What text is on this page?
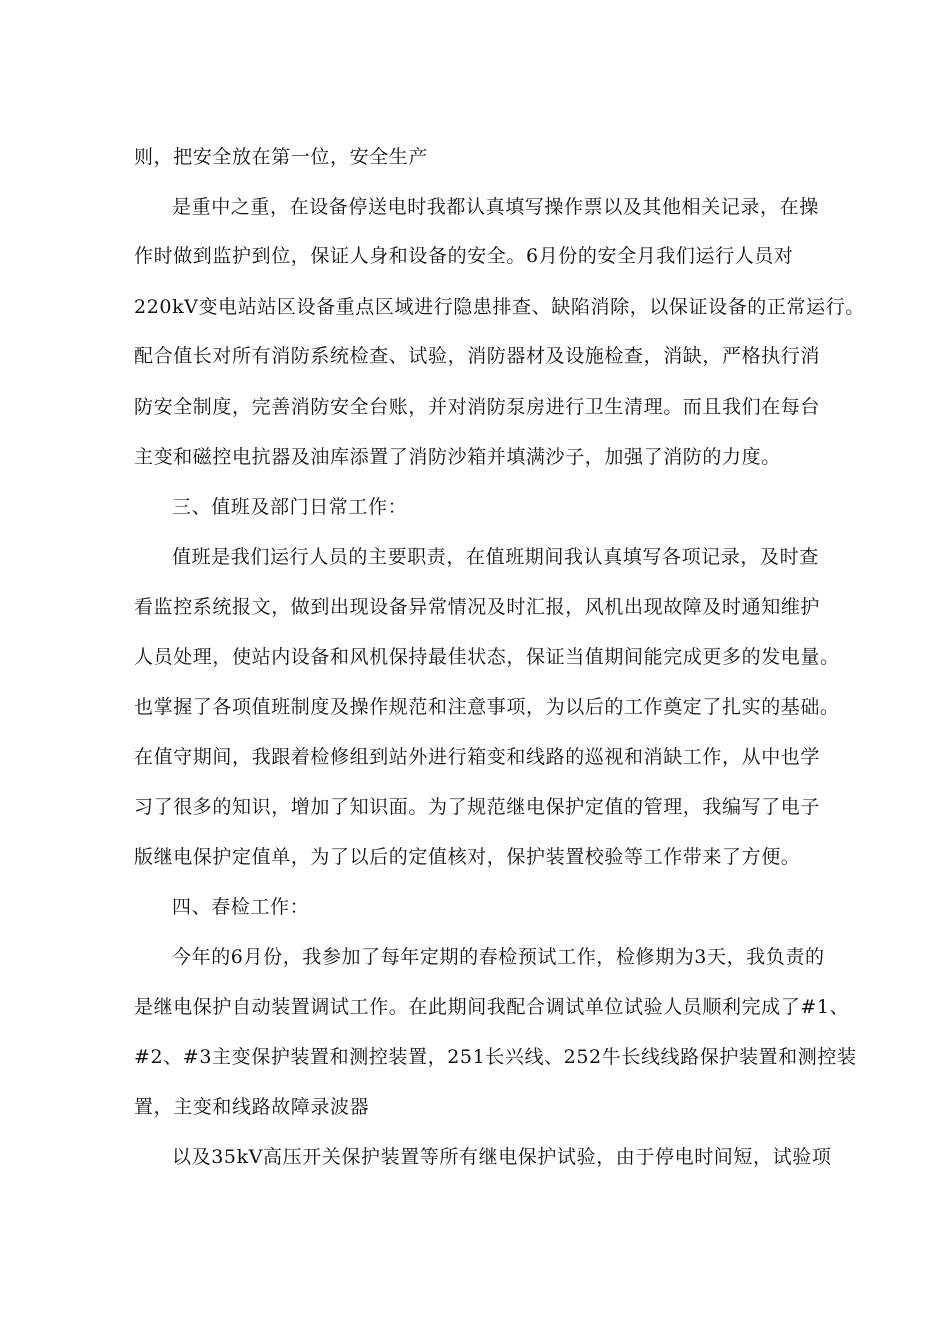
则，把安全放在第一位，安全生产
是重中之重，在设备停送电时我都认真填写操作票以及其他相关记录，在操
作时做到监护到位，保证人身和设备的安全。6月份的安全月我们运行人员对
220kV变电站站区设备重点区域进行隐患排查、缺陷消除，以保证设备的正常运行。
配合值长对所有消防系统检查、试验，消防器材及设施检查，消缺，严格执行消
防安全制度，完善消防安全台账，并对消防泵房进行卫生清理。而且我们在每台
主变和磁控电抗器及油库添置了消防沙箱并填满沙子，加强了消防的力度。
三、值班及部门日常工作：
值班是我们运行人员的主要职责，在值班期间我认真填写各项记录，及时查
看监控系统报文，做到出现设备异常情况及时汇报，风机出现故障及时通知维护
人员处理，使站内设备和风机保持最佳状态，保证当值期间能完成更多的发电量。
也掌握了各项值班制度及操作规范和注意事项，为以后的工作奠定了扎实的基础。
在值守期间，我跟着检修组到站外进行箱变和线路的巡视和消缺工作，从中也学
习了很多的知识，增加了知识面。为了规范继电保护定值的管理，我编写了电子
版继电保护定值单，为了以后的定值核对，保护装置校验等工作带来了方便。
四、春检工作：
今年的6月份，我参加了每年定期的春检预试工作，检修期为3天，我负责的
是继电保护自动装置调试工作。在此期间我配合调试单位试验人员顺利完成了#1、
#2、#3主变保护装置和测控装置，251长兴线、252牛长线线路保护装置和测控装
置，主变和线路故障录波器
以及35kV高压开关保护装置等所有继电保护试验，由于停电时间短，试验项
